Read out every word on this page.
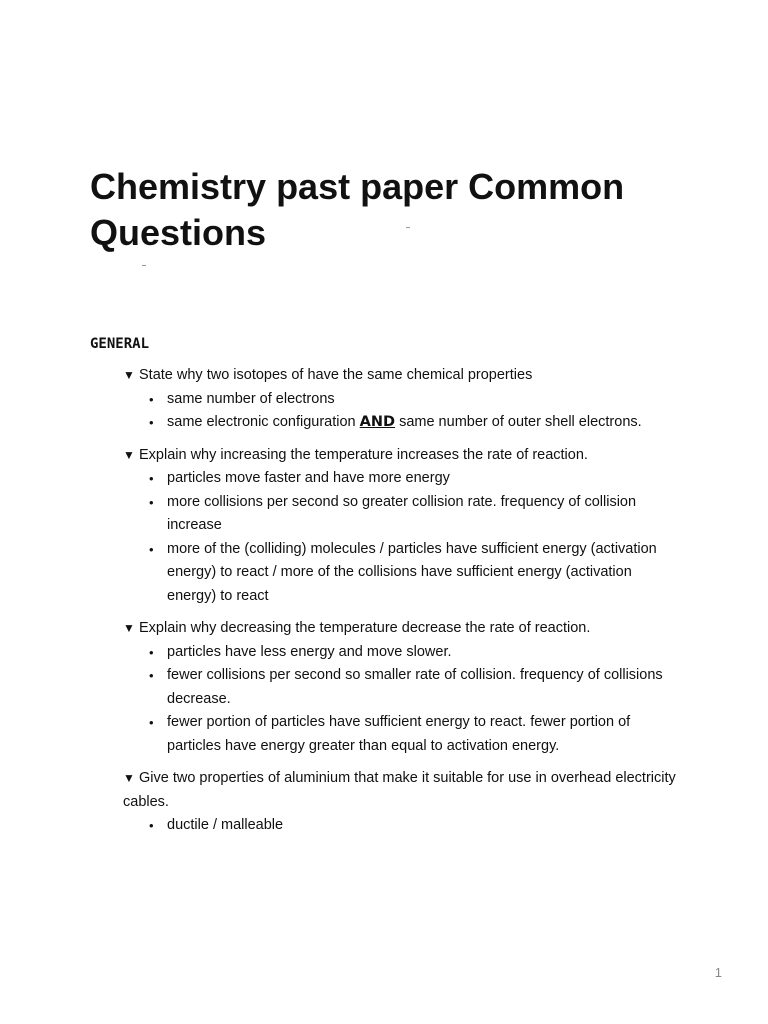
Chemistry past paper Common Questions
GENERAL

▼ State why two isotopes of have the same chemical properties

• same number of electrons
• same electronic configuration AND same number of outer shell electrons.

▼ Explain why increasing the temperature increases the rate of reaction.

• particles move faster and have more energy
• more collisions per second so greater collision rate. frequency of collision increase
• more of the (colliding) molecules / particles have sufficient energy (activation energy) to react / more of the collisions have sufficient energy (activation energy) to react

▼ Explain why decreasing the temperature decrease the rate of reaction.

• particles have less energy and move slower.
• fewer collisions per second so smaller rate of collision. frequency of collisions decrease.
• fewer portion of particles have sufficient energy to react. fewer portion of particles have energy greater than equal to activation energy.

▼ Give two properties of aluminium that make it suitable for use in overhead electricity cables.

• ductile / malleable
1
